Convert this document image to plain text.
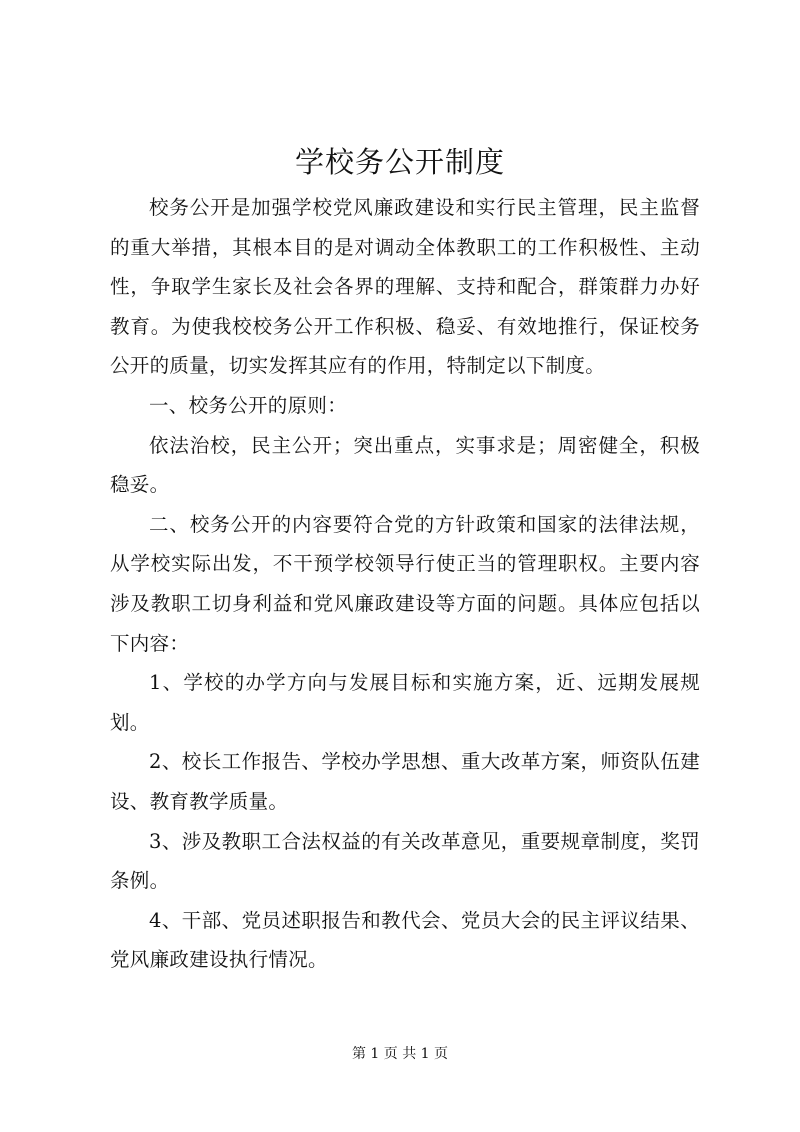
学校务公开制度

校务公开是加强学校党风廉政建设和实行民主管理，民主监督的重大举措，其根本目的是对调动全体教职工的工作积极性、主动性，争取学生家长及社会各界的理解、支持和配合，群策群力办好教育。为使我校校务公开工作积极、稳妥、有效地推行，保证校务公开的质量，切实发挥其应有的作用，特制定以下制度。

一、校务公开的原则：

依法治校，民主公开；突出重点，实事求是；周密健全，积极稳妥。

二、校务公开的内容要符合党的方针政策和国家的法律法规，从学校实际出发，不干预学校领导行使正当的管理职权。主要内容涉及教职工切身利益和党风廉政建设等方面的问题。具体应包括以下内容：

1、学校的办学方向与发展目标和实施方案，近、远期发展规划。

2、校长工作报告、学校办学思想、重大改革方案，师资队伍建设、教育教学质量。

3、涉及教职工合法权益的有关改革意见，重要规章制度，奖罚条例。

4、干部、党员述职报告和教代会、党员大会的民主评议结果、党风廉政建设执行情况。

第 1 页 共 1 页
